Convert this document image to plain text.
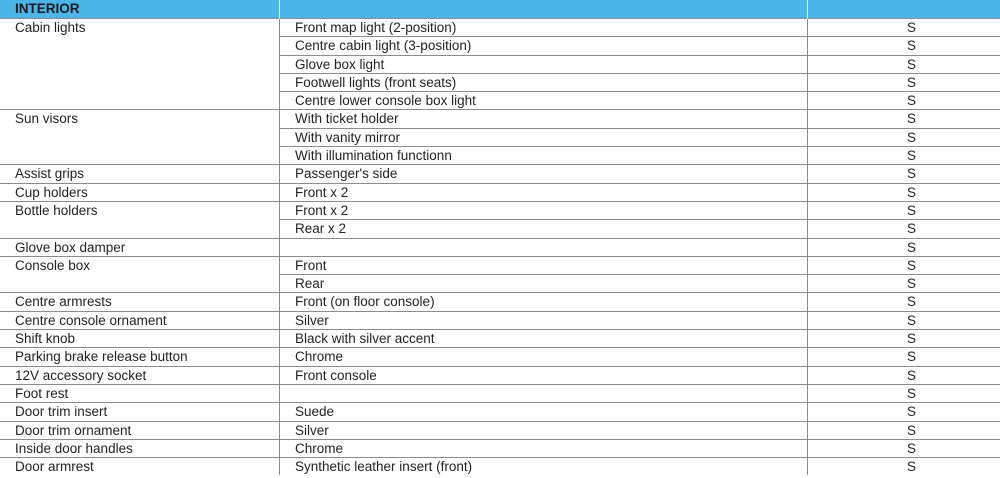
INTERIOR		
Cabin lights	Front map light (2-position)	S
	Centre cabin light (3-position)	S
	Glove box light	S
	Footwell lights (front seats)	S
	Centre lower console box light	S
Sun visors	With ticket holder	S
	With vanity mirror	S
	With illumination functionn	S
Assist grips	Passenger's side	S
Cup holders	Front x 2	S
Bottle holders	Front x 2	S
	Rear x 2	S
Glove box damper		S
Console box	Front	S
	Rear	S
Centre armrests	Front (on floor console)	S
Centre console ornament	Silver	S
Shift knob	Black with silver accent	S
Parking brake release button	Chrome	S
12V accessory socket	Front console	S
Foot rest		S
Door trim insert	Suede	S
Door trim ornament	Silver	S
Inside door handles	Chrome	S
Door armrest	Synthetic leather insert (front)	S
